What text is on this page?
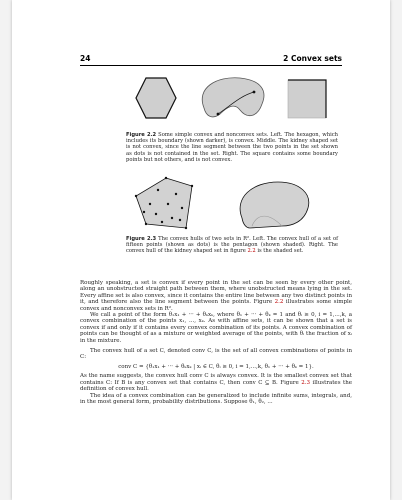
24	2 Convex sets
Figure 2.2 Some simple convex and nonconvex sets. Left. The hexagon, which includes its boundary (shown darker), is convex. Middle. The kidney shaped set is not convex, since the line segment between the two points in the set shown as dots is not contained in the set. Right. The square contains some boundary points but not others, and is not convex.
Figure 2.3 The convex hulls of two sets in R². Left. The convex hull of a set of fifteen points (shown as dots) is the pentagon (shown shaded). Right. The convex hull of the kidney shaped set in figure 2.2 is the shaded set.

Roughly speaking, a set is convex if every point in the set can be seen by every other point, along an unobstructed straight path between them, where unobstructed means lying in the set. Every affine set is also convex, since it contains the entire line between any two distinct points in it, and therefore also the line segment between the points. Figure 2.2 illustrates some simple convex and nonconvex sets in R².

We call a point of the form θ₁x₁ + ··· + θₖxₖ, where θ₁ + ··· + θₖ = 1 and θᵢ ≥ 0, i = 1,...,k, a convex combination of the points x₁, ..., xₖ. As with affine sets, it can be shown that a set is convex if and only if it contains every convex combination of its points. A convex combination of points can be thought of as a mixture or weighted average of the points, with θᵢ the fraction of xᵢ in the mixture.

The convex hull of a set C, denoted conv C, is the set of all convex combinations of points in C:

conv C = {θ₁x₁ + ··· + θₖxₖ | xᵢ ∈ C, θᵢ ≥ 0, i = 1,...,k, θ₁ + ··· + θₖ = 1}.

As the name suggests, the convex hull conv C is always convex. It is the smallest convex set that contains C: If B is any convex set that contains C, then conv C ⊆ B. Figure 2.3 illustrates the definition of convex hull.

The idea of a convex combination can be generalized to include infinite sums, integrals, and, in the most general form, probability distributions. Suppose θ₁, θ₂, ...
